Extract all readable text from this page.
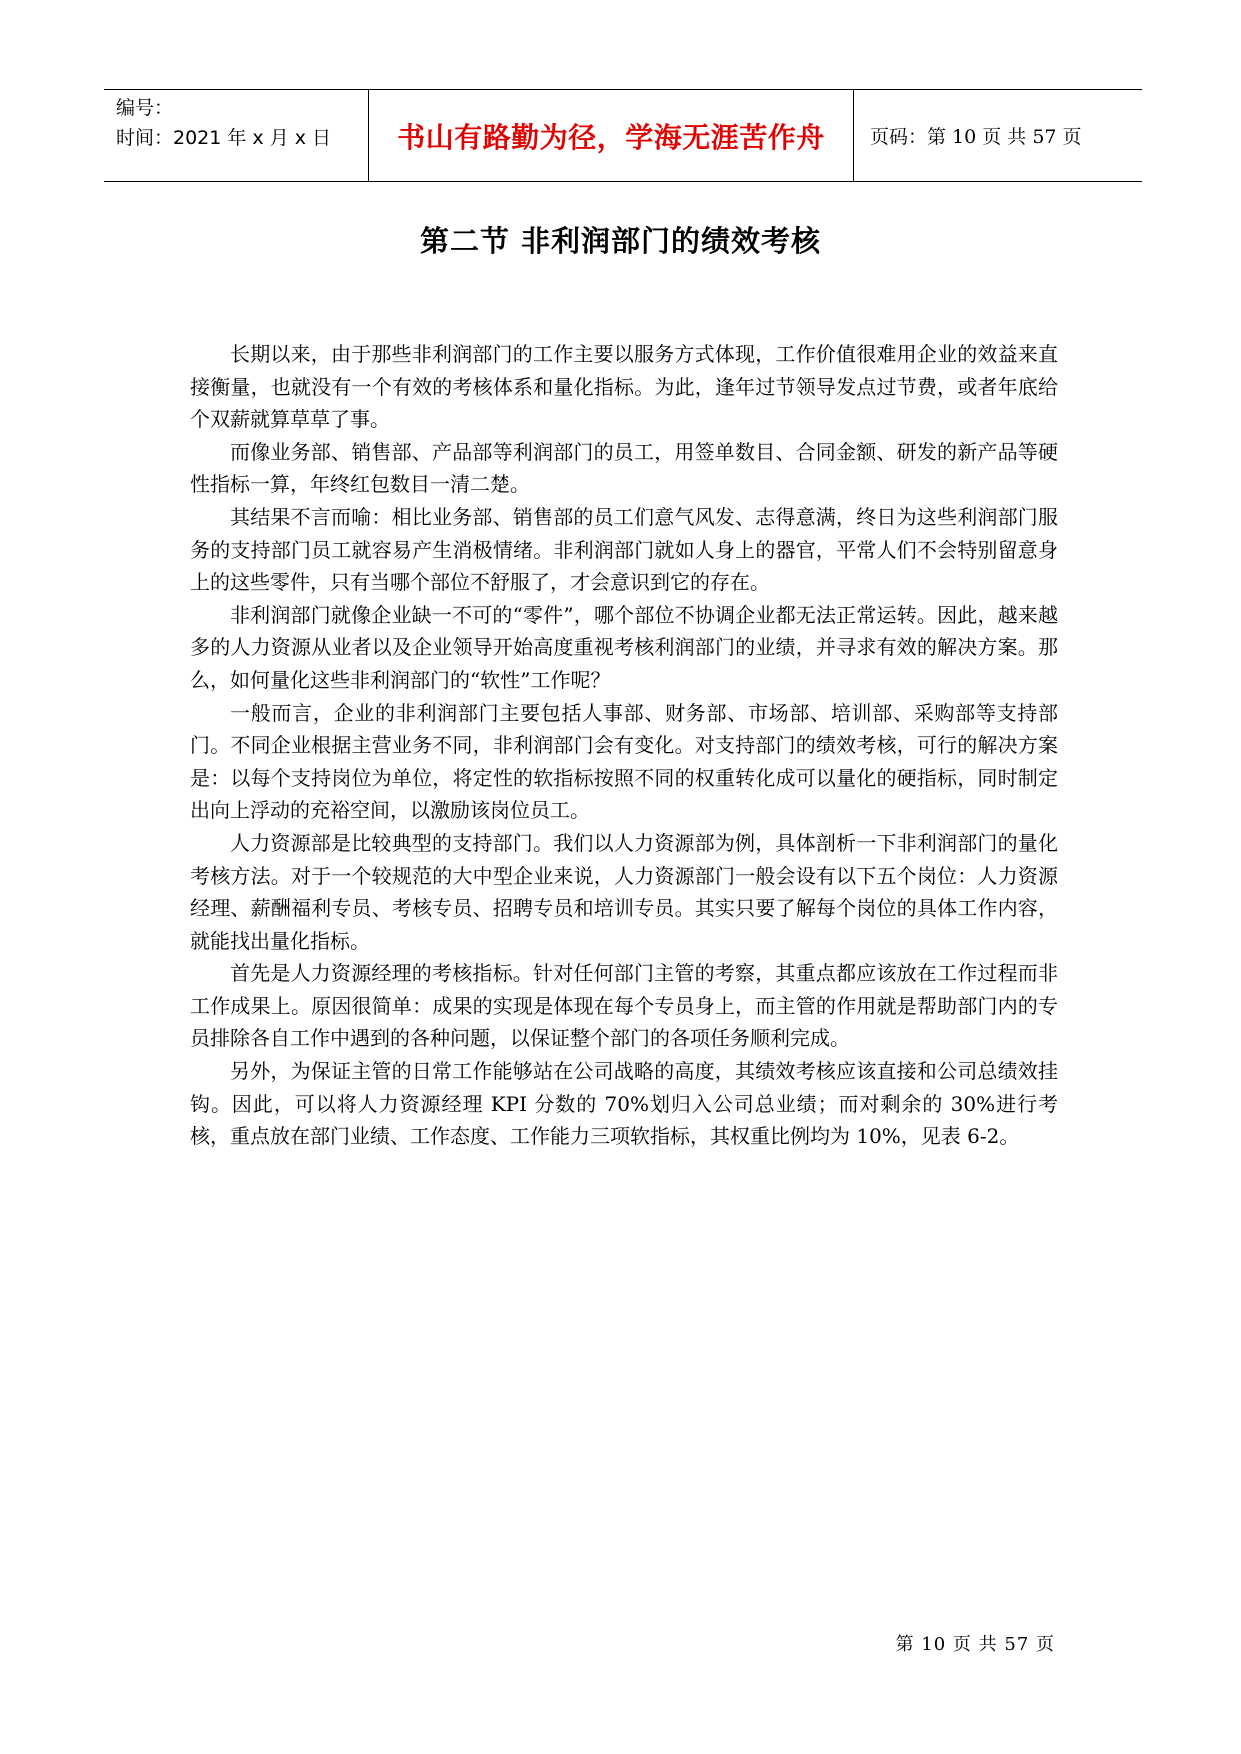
编号：
时间：2021 年 x 月 x 日	书山有路勤为径，学海无涯苦作舟 页码：第 10 页 共 57 页
第二节 非利润部门的绩效考核

长期以来，由于那些非利润部门的工作主要以服务方式体现，工作价值很难用企业的效益来直接衡量，也就没有一个有效的考核体系和量化指标。为此，逢年过节领导发点过节费，或者年底给个双薪就算草草了事。

而像业务部、销售部、产品部等利润部门的员工，用签单数目、合同金额、研发的新产品等硬性指标一算，年终红包数目一清二楚。

其结果不言而喻：相比业务部、销售部的员工们意气风发、志得意满，终日为这些利润部门服务的支持部门员工就容易产生消极情绪。非利润部门就如人身上的器官，平常人们不会特别留意身上的这些零件，只有当哪个部位不舒服了，才会意识到它的存在。

非利润部门就像企业缺一不可的“零件”，哪个部位不协调企业都无法正常运转。因此，越来越多的人力资源从业者以及企业领导开始高度重视考核利润部门的业绩，并寻求有效的解决方案。那么，如何量化这些非利润部门的“软性”工作呢？

一般而言，企业的非利润部门主要包括人事部、财务部、市场部、培训部、采购部等支持部门。不同企业根据主营业务不同，非利润部门会有变化。对支持部门的绩效考核，可行的解决方案是：以每个支持岗位为单位，将定性的软指标按照不同的权重转化成可以量化的硬指标，同时制定出向上浮动的充裕空间，以激励该岗位员工。

人力资源部是比较典型的支持部门。我们以人力资源部为例，具体剖析一下非利润部门的量化考核方法。对于一个较规范的大中型企业来说，人力资源部门一般会设有以下五个岗位：人力资源经理、薪酬福利专员、考核专员、招聘专员和培训专员。其实只要了解每个岗位的具体工作内容，就能找出量化指标。

首先是人力资源经理的考核指标。针对任何部门主管的考察，其重点都应该放在工作过程而非工作成果上。原因很简单：成果的实现是体现在每个专员身上，而主管的作用就是帮助部门内的专员排除各自工作中遇到的各种问题，以保证整个部门的各项任务顺利完成。

另外，为保证主管的日常工作能够站在公司战略的高度，其绩效考核应该直接和公司总绩效挂钩。因此，可以将人力资源经理 KPI 分数的 70%划归入公司总业绩；而对剩余的 30%进行考核，重点放在部门业绩、工作态度、工作能力三项软指标，其权重比例均为 10%，见表 6-2。

第 10 页 共 57 页
